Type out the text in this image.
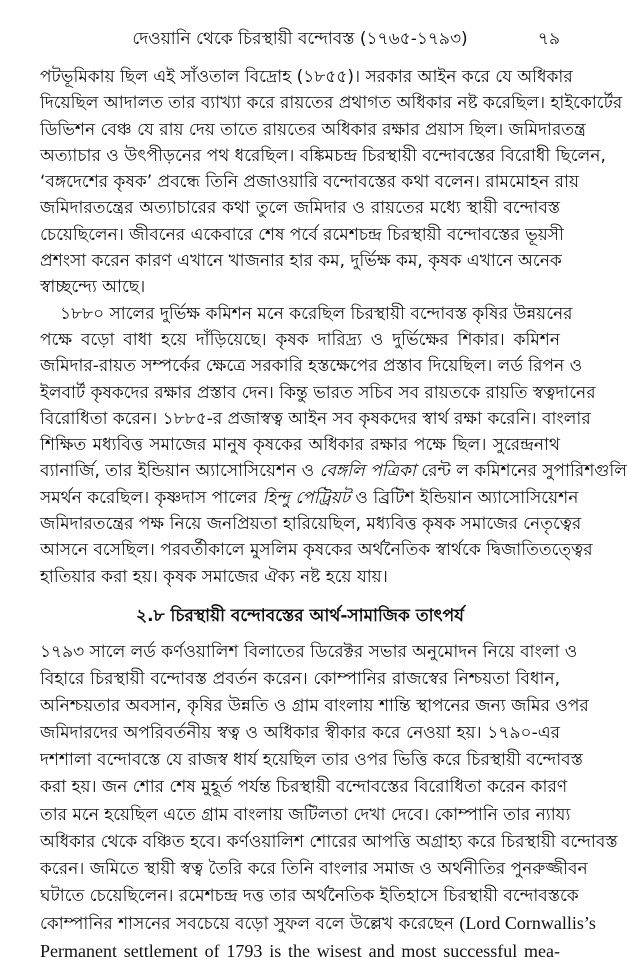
দেওয়ানি থেকে চিরস্থায়ী বন্দোবস্ত (১৭৬৫-১৭৯৩)	৭৯
পটভূমিকায় ছিল এই সাঁওতাল বিদ্রোহ (১৮৫৫)। সরকার আইন করে যে অধিকার
দিয়েছিল আদালত তার ব্যাখ্যা করে রায়তের প্রথাগত অধিকার নষ্ট করেছিল। হাইকোর্টের
ডিভিশন বেঞ্চ যে রায় দেয় তাতে রায়তের অধিকার রক্ষার প্রয়াস ছিল। জমিদারতন্ত্র
অত্যাচার ও উৎপীড়নের পথ ধরেছিল। বঙ্কিমচন্দ্র চিরস্থায়ী বন্দোবস্তের বিরোধী ছিলেন,
‘বঙ্গদেশের কৃষক’ প্রবন্ধে তিনি প্রজাওয়ারি বন্দোবস্তের কথা বলেন। রামমোহন রায়
জমিদারতন্ত্রের অত্যাচারের কথা তুলে জমিদার ও রায়তের মধ্যে স্থায়ী বন্দোবস্ত
চেয়েছিলেন। জীবনের একেবারে শেষ পর্বে রমেশচন্দ্র চিরস্থায়ী বন্দোবস্তের ভূয়সী
প্রশংসা করেন কারণ এখানে খাজনার হার কম, দুর্ভিক্ষ কম, কৃষক এখানে অনেক
স্বাচ্ছন্দ্যে আছে।
১৮৮০ সালের দুর্ভিক্ষ কমিশন মনে করেছিল চিরস্থায়ী বন্দোবস্ত কৃষির উন্নয়নের
পক্ষে বড়ো বাধা হয়ে দাঁড়িয়েছে। কৃষক দারিদ্র্য ও দুর্ভিক্ষের শিকার। কমিশন
জমিদার-রায়ত সম্পর্কের ক্ষেত্রে সরকারি হস্তক্ষেপের প্রস্তাব দিয়েছিল। লর্ড রিপন ও
ইলবার্ট কৃষকদের রক্ষার প্রস্তাব দেন। কিন্তু ভারত সচিব সব রায়তকে রায়তি স্বত্বদানের
বিরোধিতা করেন। ১৮৮৫-র প্রজাস্বত্ব আইন সব কৃষকদের স্বার্থ রক্ষা করেনি। বাংলার
শিক্ষিত মধ্যবিত্ত সমাজের মানুষ কৃষকের অধিকার রক্ষার পক্ষে ছিল। সুরেন্দ্রনাথ
ব্যানার্জি, তার ইন্ডিয়ান অ্যাসোসিয়েশন ও বেঙ্গলি পত্রিকা রেন্ট ল কমিশনের সুপারিশগুলি
সমর্থন করেছিল। কৃষ্ণদাস পালের হিন্দু পেট্রিয়ট ও ব্রিটিশ ইন্ডিয়ান অ্যাসোসিয়েশন
জমিদারতন্ত্রের পক্ষ নিয়ে জনপ্রিয়তা হারিয়েছিল, মধ্যবিত্ত কৃষক সমাজের নেতৃত্বের
আসনে বসেছিল। পরবর্তীকালে মুসলিম কৃষকের অর্থনৈতিক স্বার্থকে দ্বিজাতিতত্ত্বের
হাতিয়ার করা হয়। কৃষক সমাজের ঐক্য নষ্ট হয়ে যায়।
২.৮ চিরস্থায়ী বন্দোবস্তের আর্থ-সামাজিক তাৎপর্য
১৭৯৩ সালে লর্ড কর্ণওয়ালিশ বিলাতের ডিরেক্টর সভার অনুমোদন নিয়ে বাংলা ও
বিহারে চিরস্থায়ী বন্দোবস্ত প্রবর্তন করেন। কোম্পানির রাজস্বের নিশ্চয়তা বিধান,
অনিশ্চয়তার অবসান, কৃষির উন্নতি ও গ্রাম বাংলায় শান্তি স্থাপনের জন্য জমির ওপর
জমিদারদের অপরিবর্তনীয় স্বত্ব ও অধিকার স্বীকার করে নেওয়া হয়। ১৭৯০-এর
দশশালা বন্দোবস্তে যে রাজস্ব ধার্য হয়েছিল তার ওপর ভিত্তি করে চিরস্থায়ী বন্দোবস্ত
করা হয়। জন শোর শেষ মুহূর্ত পর্যন্ত চিরস্থায়ী বন্দোবস্তের বিরোধিতা করেন কারণ
তার মনে হয়েছিল এতে গ্রাম বাংলায় জটিলতা দেখা দেবে। কোম্পানি তার ন্যায্য
অধিকার থেকে বঞ্চিত হবে। কর্ণওয়ালিশ শোরের আপত্তি অগ্রাহ্য করে চিরস্থায়ী বন্দোবস্ত
করেন। জমিতে স্থায়ী স্বত্ব তৈরি করে তিনি বাংলার সমাজ ও অর্থনীতির পুনরুজ্জীবন
ঘটাতে চেয়েছিলেন। রমেশচন্দ্র দত্ত তার অর্থনৈতিক ইতিহাসে চিরস্থায়ী বন্দোবস্তকে
কোম্পানির শাসনের সবচেয়ে বড়ো সুফল বলে উল্লেখ করেছেন (Lord Cornwallis’s
Permanent settlement of 1793 is the wisest and most successful mea-
